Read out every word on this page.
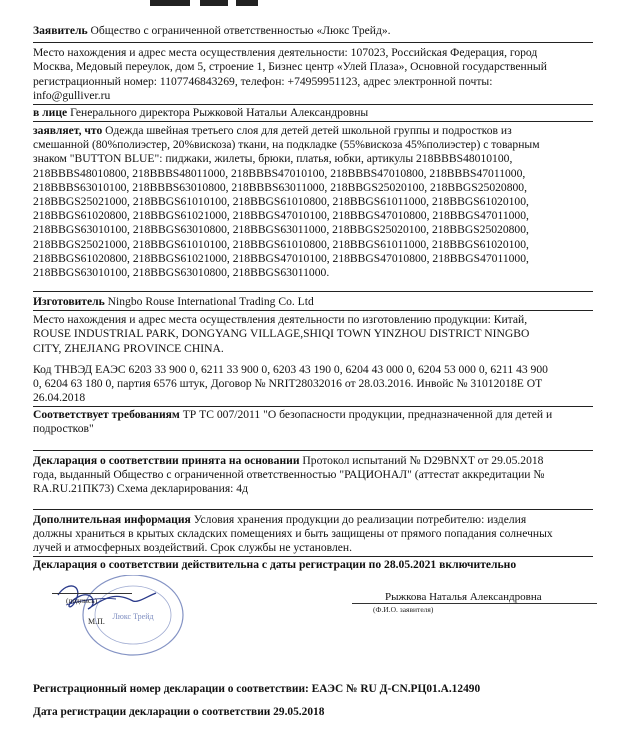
Заявитель Общество с ограниченной ответственностью «Люкс Трейд».
Место нахождения и адрес места осуществления деятельности: 107023, Российская Федерация, город
Москва, Медовый переулок, дом 5, строение 1, Бизнес центр «Улей Плаза», Основной государственный
регистрационный номер: 1107746843269, телефон: +74959951123, адрес электронной почты:
info@gulliver.ru
в лице Генерального директора Рыжковой Натальи Александровны
заявляет, что Одежда швейная третьего слоя для детей детей школьной группы и подростков из
смешанной (80%полиэстер, 20%вискоза) ткани, на подкладке (55%вискоза 45%полиэстер) с товарным
знаком "BUTTON BLUE": пиджаки, жилеты, брюки, платья, юбки, артикулы 218BBBS48010100,
218BBBS48010800, 218BBBS48011000, 218BBBS47010100, 218BBBS47010800, 218BBBS47011000,
218BBBS63010100, 218BBBS63010800, 218BBBS63011000, 218BBGS25020100, 218BBGS25020800,
218BBGS25021000, 218BBGS61010100, 218BBGS61010800, 218BBGS61011000, 218BBGS61020100,
218BBGS61020800, 218BBGS61021000, 218BBGS47010100, 218BBGS47010800, 218BBGS47011000,
218BBGS63010100, 218BBGS63010800, 218BBGS63011000, 218BBGS25020100, 218BBGS25020800,
218BBGS25021000, 218BBGS61010100, 218BBGS61010800, 218BBGS61011000, 218BBGS61020100,
218BBGS61020800, 218BBGS61021000, 218BBGS47010100, 218BBGS47010800, 218BBGS47011000,
218BBGS63010100, 218BBGS63010800, 218BBGS63011000.
Изготовитель Ningbo Rouse International Trading Co. Ltd
Место нахождения и адрес места осуществления деятельности по изготовлению продукции: Китай,
ROUSE INDUSTRIAL PARK, DONGYANG VILLAGE,SHIQI TOWN YINZHOU DISTRICT NINGBO
CITY, ZHEJIANG PROVINCE CHINA.
Код ТНВЭД ЕАЭС 6203 33 900 0, 6211 33 900 0, 6203 43 190 0, 6204 43 000 0, 6204 53 000 0, 6211 43 900
0, 6204 63 180 0, партия 6576 штук, Договор № NRIT28032016 от 28.03.2016. Инвойс № 31012018E ОТ
26.04.2018
Соответствует требованиям ТР ТС 007/2011 "О безопасности продукции, предназначенной для детей и
подростков"
Декларация о соответствии принята на основании Протокол испытаний № D29BNXT от 29.05.2018
года, выданный Общество с ограниченной ответственностью "РАЦИОНАЛ" (аттестат аккредитации №
RA.RU.21ПК73) Схема декларирования: 4д
Дополнительная информация Условия хранения продукции до реализации потребителю: изделия
должны храниться в крытых складских помещениях и быть защищены от прямого попадания солнечных
лучей и атмосферных воздействий. Срок службы не установлен.
Декларация о соответствии действительна с даты регистрации по 28.05.2021 включительно
Люкс Трейд
(подпись)
М.П.
Рыжкова Наталья Александровна
(Ф.И.О. заявителя)
Регистрационный номер декларации о соответствии: ЕАЭС № RU Д-CN.РЦ01.А.12490
Дата регистрации декларации о соответствии 29.05.2018
